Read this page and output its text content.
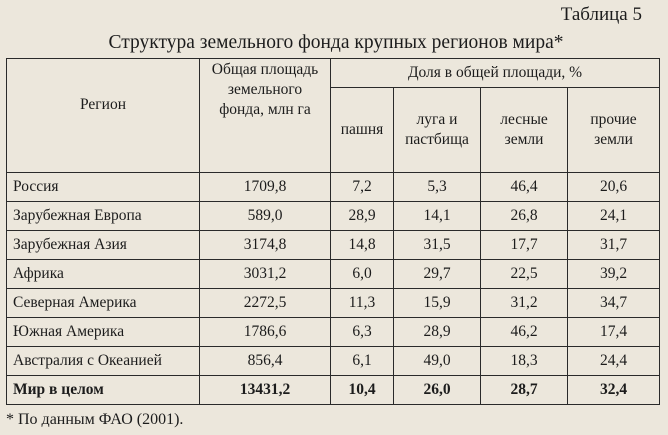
Таблица 5
Структура земельного фонда крупных регионов мира*
Регион	Общая площадь земельного фонда, млн га	Доля в общей площади, %			
		пашня	луга и пастбища	лесные земли	прочие земли
Россия	1709,8	7,2	5,3	46,4	20,6
Зарубежная Европа	589,0	28,9	14,1	26,8	24,1
Зарубежная Азия	3174,8	14,8	31,5	17,7	31,7
Африка	3031,2	6,0	29,7	22,5	39,2
Северная Америка	2272,5	11,3	15,9	31,2	34,7
Южная Америка	1786,6	6,3	28,9	46,2	17,4
Австралия с Океанией	856,4	6,1	49,0	18,3	24,4
Мир в целом	13431,2	10,4	26,0	28,7	32,4
* По данным ФАО (2001).
